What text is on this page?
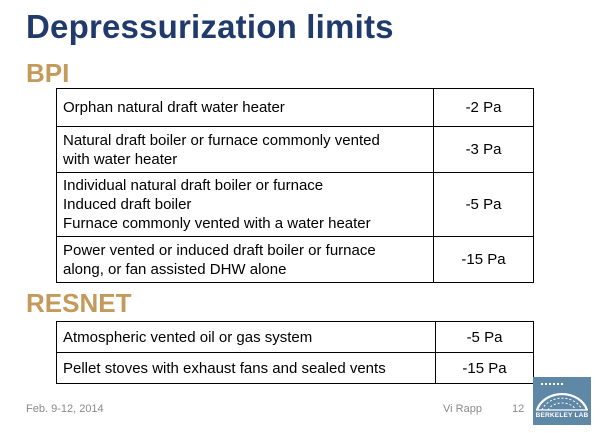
Depressurization limits
BPI
Orphan natural draft water heater	-2 Pa

Natural draft boiler or furnace commonly vented
with water heater	-3 Pa

Individual natural draft boiler or furnace
Induced draft boiler
Furnace commonly vented with a water heater	-5 Pa

Power vented or induced draft boiler or furnace
along, or fan assisted DHW alone	-15 Pa
RESNET
Atmospheric vented oil or gas system	-5 Pa

Pellet stoves with exhaust fans and sealed vents	-15 Pa
Feb. 9-12, 2014	Vi Rapp	12
BERKELEY LAB
